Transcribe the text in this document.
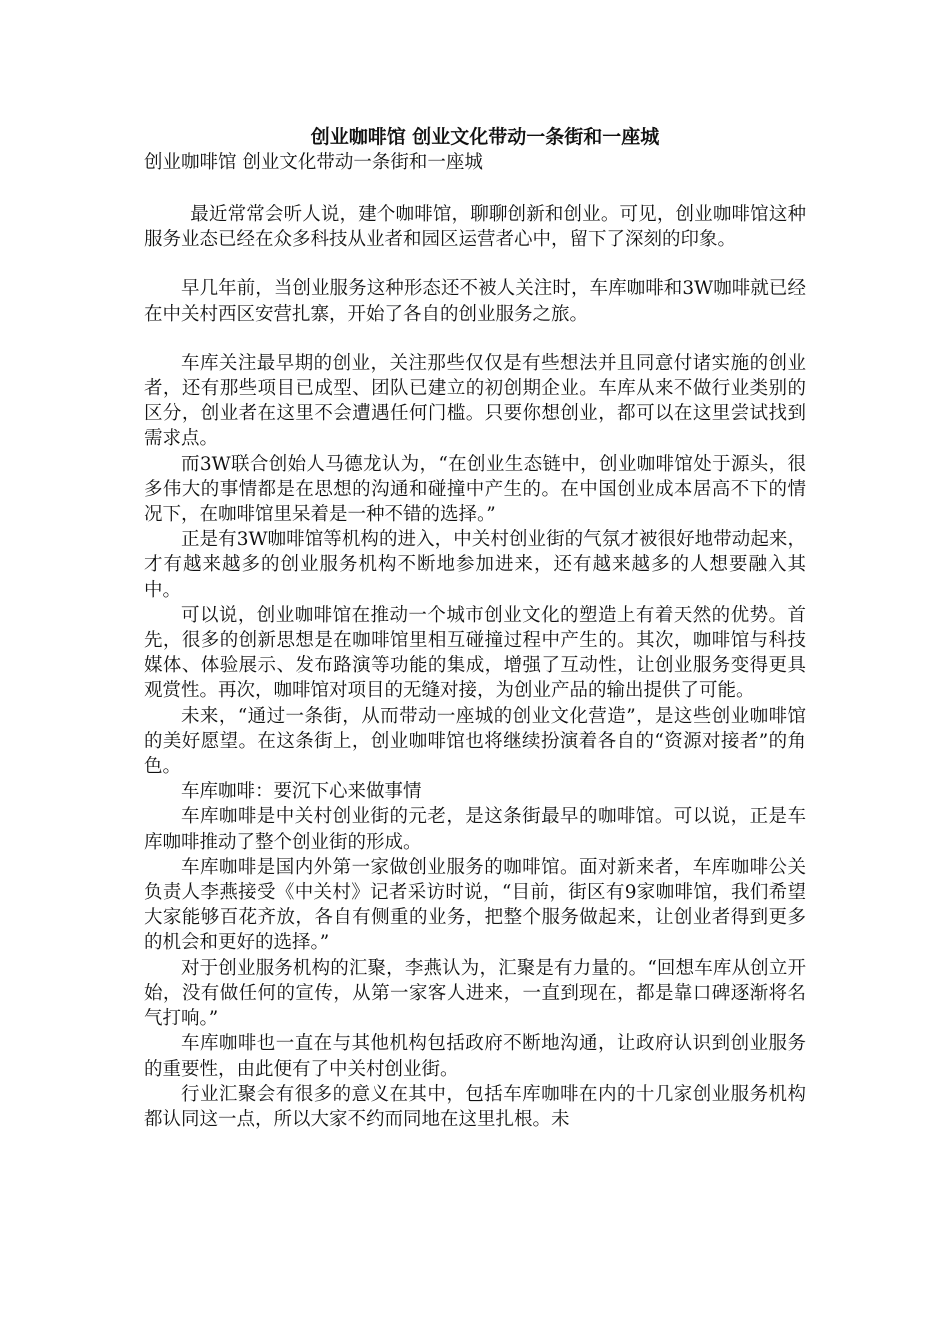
创业咖啡馆 创业文化带动一条街和一座城

创业咖啡馆 创业文化带动一条街和一座城

最近常常会听人说，建个咖啡馆，聊聊创新和创业。可见，创业咖啡馆这种服务业态已经在众多科技从业者和园区运营者心中，留下了深刻的印象。

早几年前，当创业服务这种形态还不被人关注时，车库咖啡和3W咖啡就已经在中关村西区安营扎寨，开始了各自的创业服务之旅。

车库关注最早期的创业，关注那些仅仅是有些想法并且同意付诸实施的创业者，还有那些项目已成型、团队已建立的初创期企业。车库从来不做行业类别的区分，创业者在这里不会遭遇任何门槛。只要你想创业，都可以在这里尝试找到需求点。

而3W联合创始人马德龙认为，“在创业生态链中，创业咖啡馆处于源头，很多伟大的事情都是在思想的沟通和碰撞中产生的。在中国创业成本居高不下的情况下，在咖啡馆里呆着是一种不错的选择。”

正是有3W咖啡馆等机构的进入，中关村创业街的气氛才被很好地带动起来，才有越来越多的创业服务机构不断地参加进来，还有越来越多的人想要融入其中。

可以说，创业咖啡馆在推动一个城市创业文化的塑造上有着天然的优势。首先，很多的创新思想是在咖啡馆里相互碰撞过程中产生的。其次，咖啡馆与科技媒体、体验展示、发布路演等功能的集成，增强了互动性，让创业服务变得更具观赏性。再次，咖啡馆对项目的无缝对接，为创业产品的输出提供了可能。

未来，“通过一条街，从而带动一座城的创业文化营造”，是这些创业咖啡馆的美好愿望。在这条街上，创业咖啡馆也将继续扮演着各自的“资源对接者”的角色。

车库咖啡：要沉下心来做事情

车库咖啡是中关村创业街的元老，是这条街最早的咖啡馆。可以说，正是车库咖啡推动了整个创业街的形成。

车库咖啡是国内外第一家做创业服务的咖啡馆。面对新来者，车库咖啡公关负责人李燕接受《中关村》记者采访时说，“目前，街区有9家咖啡馆，我们希望大家能够百花齐放，各自有侧重的业务，把整个服务做起来，让创业者得到更多的机会和更好的选择。”

对于创业服务机构的汇聚，李燕认为，汇聚是有力量的。“回想车库从创立开始，没有做任何的宣传，从第一家客人进来，一直到现在，都是靠口碑逐渐将名气打响。”

车库咖啡也一直在与其他机构包括政府不断地沟通，让政府认识到创业服务的重要性，由此便有了中关村创业街。

行业汇聚会有很多的意义在其中，包括车库咖啡在内的十几家创业服务机构都认同这一点，所以大家不约而同地在这里扎根。未
